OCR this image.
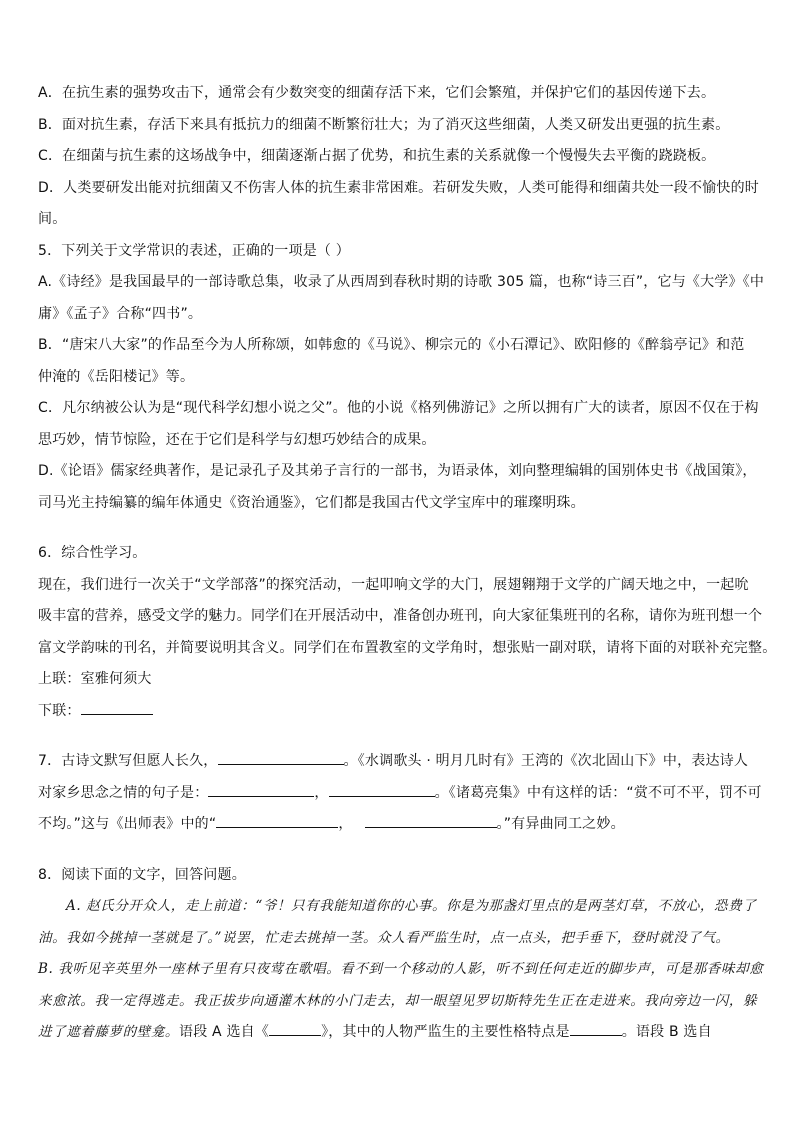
A．在抗生素的强势攻击下，通常会有少数突变的细菌存活下来，它们会繁殖，并保护它们的基因传递下去。
B．面对抗生素，存活下来具有抵抗力的细菌不断繁衍壮大；为了消灭这些细菌，人类又研发出更强的抗生素。
C．在细菌与抗生素的这场战争中，细菌逐渐占据了优势，和抗生素的关系就像一个慢慢失去平衡的跷跷板。
D．人类要研发出能对抗细菌又不伤害人体的抗生素非常困难。若研发失败，人类可能得和细菌共处一段不愉快的时
间。
5．下列关于文学常识的表述，正确的一项是（ ）
A.《诗经》是我国最早的一部诗歌总集，收录了从西周到春秋时期的诗歌 305 篇，也称“诗三百”，它与《大学》《中
庸》《孟子》合称“四书”。
B．“唐宋八大家”的作品至今为人所称颂，如韩愈的《马说》、柳宗元的《小石潭记》、欧阳修的《醉翁亭记》和范
仲淹的《岳阳楼记》等。
C．凡尔纳被公认为是“现代科学幻想小说之父”。他的小说《格列佛游记》之所以拥有广大的读者，原因不仅在于构
思巧妙，情节惊险，还在于它们是科学与幻想巧妙结合的成果。
D.《论语》儒家经典著作，是记录孔子及其弟子言行的一部书，为语录体，刘向整理编辑的国别体史书《战国策》，
司马光主持编纂的编年体通史《资治通鉴》，它们都是我国古代文学宝库中的璀璨明珠。
6．综合性学习。
现在，我们进行一次关于“文学部落”的探究活动，一起叩响文学的大门，展翅翱翔于文学的广阔天地之中，一起吮
吸丰富的营养，感受文学的魅力。同学们在开展活动中，准备创办班刊，向大家征集班刊的名称，请你为班刊想一个
富文学韵味的刊名，并简要说明其含义。同学们在布置教室的文学角时，想张贴一副对联，请将下面的对联补充完整。
上联：室雅何须大
下联：
7．古诗文默写但愿人长久，	。《水调歌头 · 明月几时有》王湾的《次北固山下》中，表达诗人
对家乡思念之情的句子是：	，	。《诸葛亮集》中有这样的话：“赏不可不平，罚不可
不均。”这与《出师表》中的“	，	。”有异曲同工之妙。
8．阅读下面的文字，回答问题。
A. 赵氏分开众人，走上前道：“爷！只有我能知道你的心事。你是为那盏灯里点的是两茎灯草，不放心，恐费了
油。我如今挑掉一茎就是了。”说罢，忙走去挑掉一茎。众人看严监生时，点一点头，把手垂下，登时就没了气。
B. 我听见辛英里外一座林子里有只夜莺在歌唱。看不到一个移动的人影，听不到任何走近的脚步声，可是那香味却愈
来愈浓。我一定得逃走。我正拔步向通灌木林的小门走去，却一眼望见罗切斯特先生正在走进来。我向旁边一闪，躲
进了遮着藤萝的壁龛。语段 A 选自《	》，其中的人物严监生的主要性格特点是	。语段 B 选自
